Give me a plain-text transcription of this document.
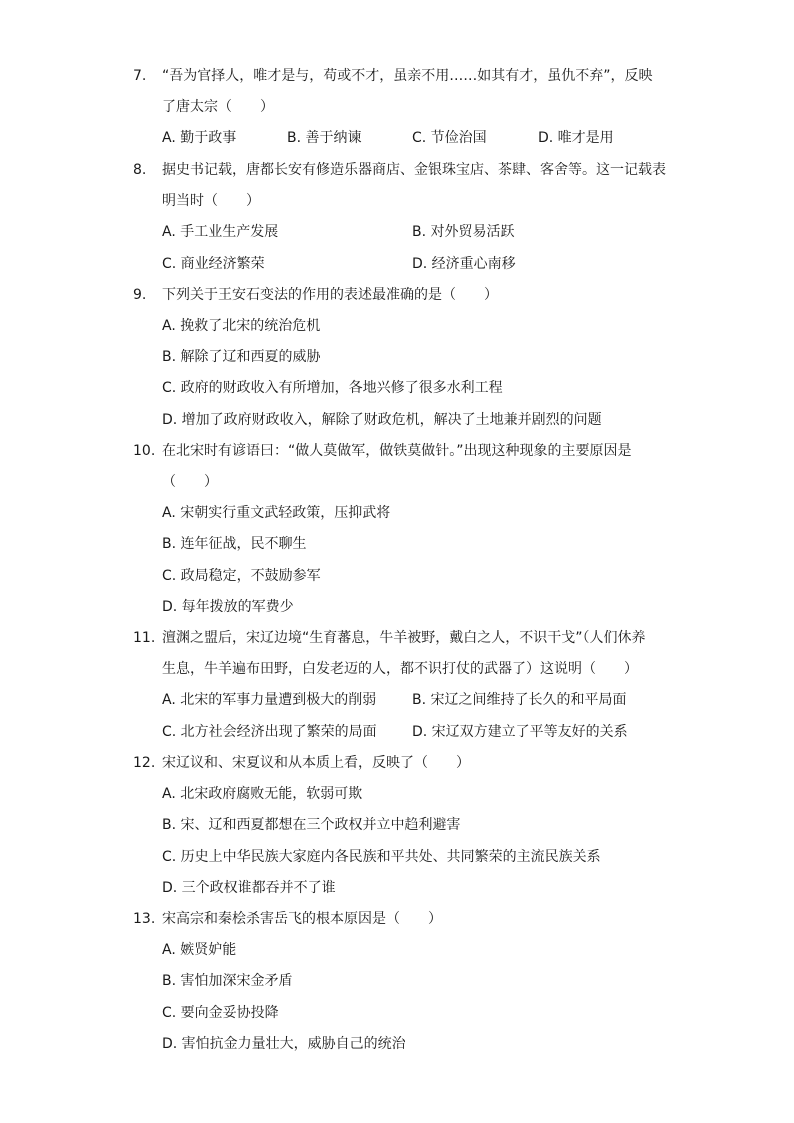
7. “吾为官择人，唯才是与，苟或不才，虽亲不用……如其有才，虽仇不弃”，反映
了唐太宗（　　）
A. 勤于政事	B. 善于纳谏	C. 节俭治国	D. 唯才是用
8. 据史书记载，唐都长安有修造乐器商店、金银珠宝店、茶肆、客舍等。这一记载表
明当时（　　）
A. 手工业生产发展	B. 对外贸易活跃
C. 商业经济繁荣	D. 经济重心南移
9. 下列关于王安石变法的作用的表述最准确的是（　　）
A. 挽救了北宋的统治危机
B. 解除了辽和西夏的威胁
C. 政府的财政收入有所增加，各地兴修了很多水利工程
D. 增加了政府财政收入，解除了财政危机，解决了土地兼并剧烈的问题
10. 在北宋时有谚语曰：“做人莫做军，做铁莫做针。”出现这种现象的主要原因是
（　　）
A. 宋朝实行重文武轻政策，压抑武将
B. 连年征战，民不聊生
C. 政局稳定，不鼓励参军
D. 每年拨放的军费少
11. 澶渊之盟后，宋辽边境“生育蕃息，牛羊被野，戴白之人，不识干戈”（人们休养
生息，牛羊遍布田野，白发老迈的人，都不识打仗的武器了）这说明（　　）
A. 北宋的军事力量遭到极大的削弱	B. 宋辽之间维持了长久的和平局面
C. 北方社会经济出现了繁荣的局面	D. 宋辽双方建立了平等友好的关系
12. 宋辽议和、宋夏议和从本质上看，反映了（　　）
A. 北宋政府腐败无能，软弱可欺
B. 宋、辽和西夏都想在三个政权并立中趋利避害
C. 历史上中华民族大家庭内各民族和平共处、共同繁荣的主流民族关系
D. 三个政权谁都吞并不了谁
13. 宋高宗和秦桧杀害岳飞的根本原因是（　　）
A. 嫉贤妒能
B. 害怕加深宋金矛盾
C. 要向金妥协投降
D. 害怕抗金力量壮大，威胁自己的统治
